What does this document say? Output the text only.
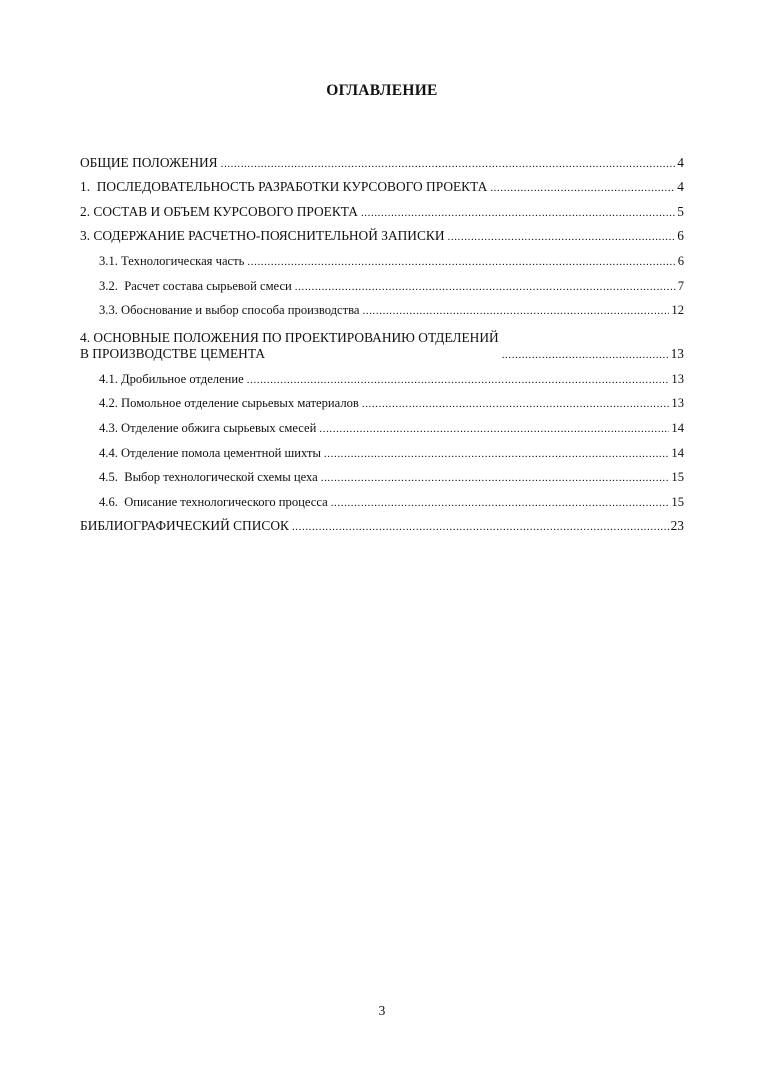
ОГЛАВЛЕНИЕ
ОБЩИЕ ПОЛОЖЕНИЯ .....	4
1.  ПОСЛЕДОВАТЕЛЬНОСТЬ РАЗРАБОТКИ КУРСОВОГО ПРОЕКТА .....	4
2. СОСТАВ И ОБЪЕМ КУРСОВОГО ПРОЕКТА .....	5
3. СОДЕРЖАНИЕ РАСЧЕТНО-ПОЯСНИТЕЛЬНОЙ ЗАПИСКИ .....	6
3.1. Технологическая часть .....	6
3.2.  Расчет состава сырьевой смеси .....	7
3.3. Обоснование и выбор способа производства .....	12
4. ОСНОВНЫЕ ПОЛОЖЕНИЯ ПО ПРОЕКТИРОВАНИЮ ОТДЕЛЕНИЙ
В ПРОИЗВОДСТВЕ ЦЕМЕНТА .....	13
4.1. Дробильное отделение .....	13
4.2. Помольное отделение сырьевых материалов .....	13
4.3. Отделение обжига сырьевых смесей .....	14
4.4. Отделение помола цементной шихты .....	14
4.5.  Выбор технологической схемы цеха .....	15
4.6.  Описание технологического процесса .....	15
БИБЛИОГРАФИЧЕСКИЙ СПИСОК .....	23
3
